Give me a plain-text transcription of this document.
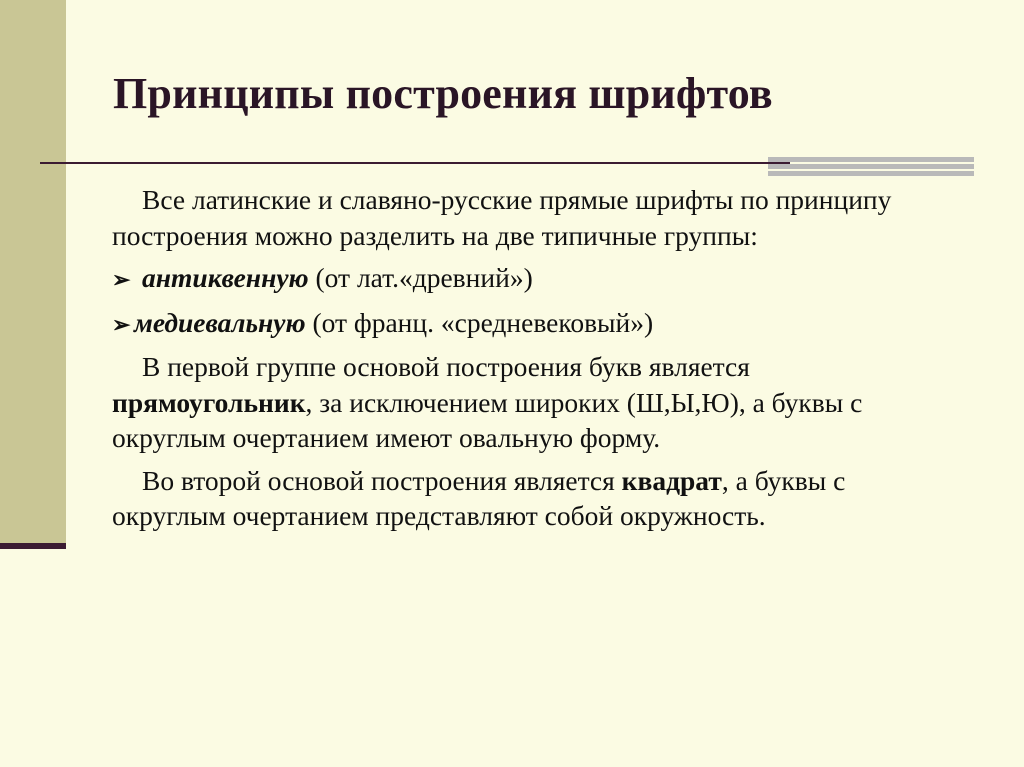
Принципы построения шрифтов

Все латинские и славяно-русские прямые шрифты по принципу построения можно разделить на две типичные группы:

➢ антиквенную (от лат.«древний»)
➢ медиевальную (от франц. «средневековый»)

В первой группе основой построения букв является прямоугольник, за исключением широких (Ш,Ы,Ю), а буквы с округлым очертанием имеют овальную форму.

Во второй основой построения является квадрат, а буквы с округлым очертанием представляют собой окружность.
